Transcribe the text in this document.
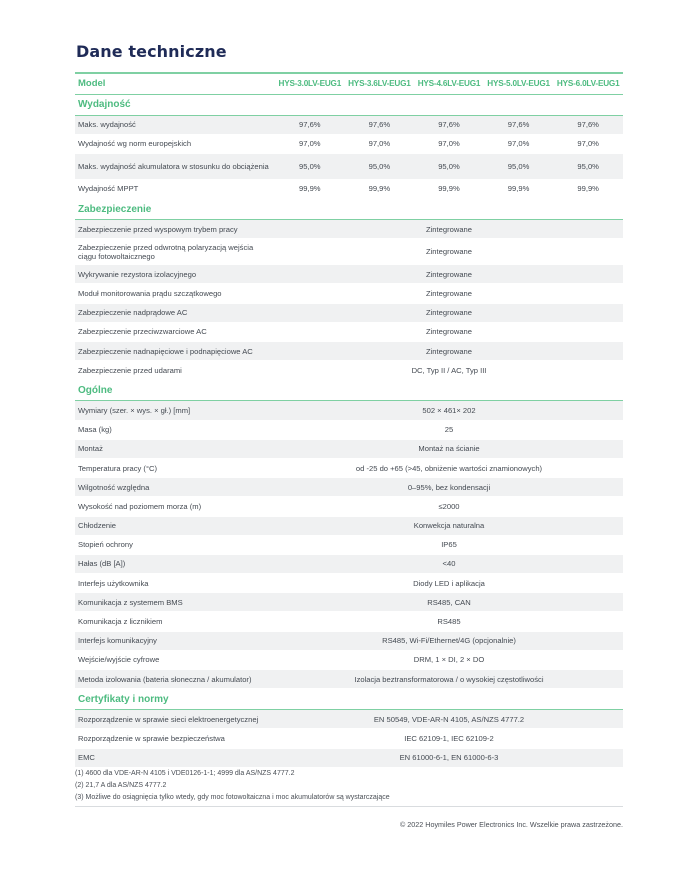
Dane techniczne
Model	HYS-3.0LV-EUG1	HYS-3.6LV-EUG1	HYS-4.6LV-EUG1	HYS-5.0LV-EUG1	HYS-6.0LV-EUG1
Wydajność					
Maks. wydajność	97,6%	97,6%	97,6%	97,6%	97,6%
Wydajność wg norm europejskich	97,0%	97,0%	97,0%	97,0%	97,0%
Maks. wydajność akumulatora w stosunku do obciążenia	95,0%	95,0%	95,0%	95,0%	95,0%
Wydajność MPPT	99,9%	99,9%	99,9%	99,9%	99,9%
Zabezpieczenie					
Zabezpieczenie przed wyspowym trybem pracy	Zintegrowane				
Zabezpieczenie przed odwrotną polaryzacją wejścia ciągu fotowoltaicznego	Zintegrowane				
Wykrywanie rezystora izolacyjnego	Zintegrowane				
Moduł monitorowania prądu szczątkowego	Zintegrowane				
Zabezpieczenie nadprądowe AC	Zintegrowane				
Zabezpieczenie przeciwzwarciowe AC	Zintegrowane				
Zabezpieczenie nadnapięciowe i podnapięciowe AC	Zintegrowane				
Zabezpieczenie przed udarami	DC, Typ II / AC, Typ III				
Ogólne					
Wymiary (szer. × wys. × gł.) [mm]	502 × 461× 202				
Masa (kg)	25				
Montaż	Montaż na ścianie				
Temperatura pracy (°C)	od -25 do +65 (>45, obniżenie wartości znamionowych)				
Wilgotność względna	0–95%, bez kondensacji				
Wysokość nad poziomem morza (m)	≤2000				
Chłodzenie	Konwekcja naturalna				
Stopień ochrony	IP65				
Hałas (dB [A])	<40				
Interfejs użytkownika	Diody LED i aplikacja				
Komunikacja z systemem BMS	RS485, CAN				
Komunikacja z licznikiem	RS485				
Interfejs komunikacyjny	RS485, Wi-Fi/Ethernet/4G (opcjonalnie)				
Wejście/wyjście cyfrowe	DRM, 1 × DI, 2 × DO				
Metoda izolowania (bateria słoneczna / akumulator)	Izolacja beztransformatorowa / o wysokiej częstotliwości				
Certyfikaty i normy					
Rozporządzenie w sprawie sieci elektroenergetycznej	EN 50549, VDE-AR-N 4105, AS/NZS 4777.2				
Rozporządzenie w sprawie bezpieczeństwa	IEC 62109-1, IEC 62109-2				
EMC	EN 61000-6-1, EN 61000-6-3				
(1) 4600 dla VDE-AR-N 4105 i VDE0126-1-1; 4999 dla AS/NZS 4777.2
(2) 21,7 A dla AS/NZS 4777.2
(3) Możliwe do osiągnięcia tylko wtedy, gdy moc fotowoltaiczna i moc akumulatorów są wystarczające
© 2022 Hoymiles Power Electronics Inc. Wszelkie prawa zastrzeżone.
